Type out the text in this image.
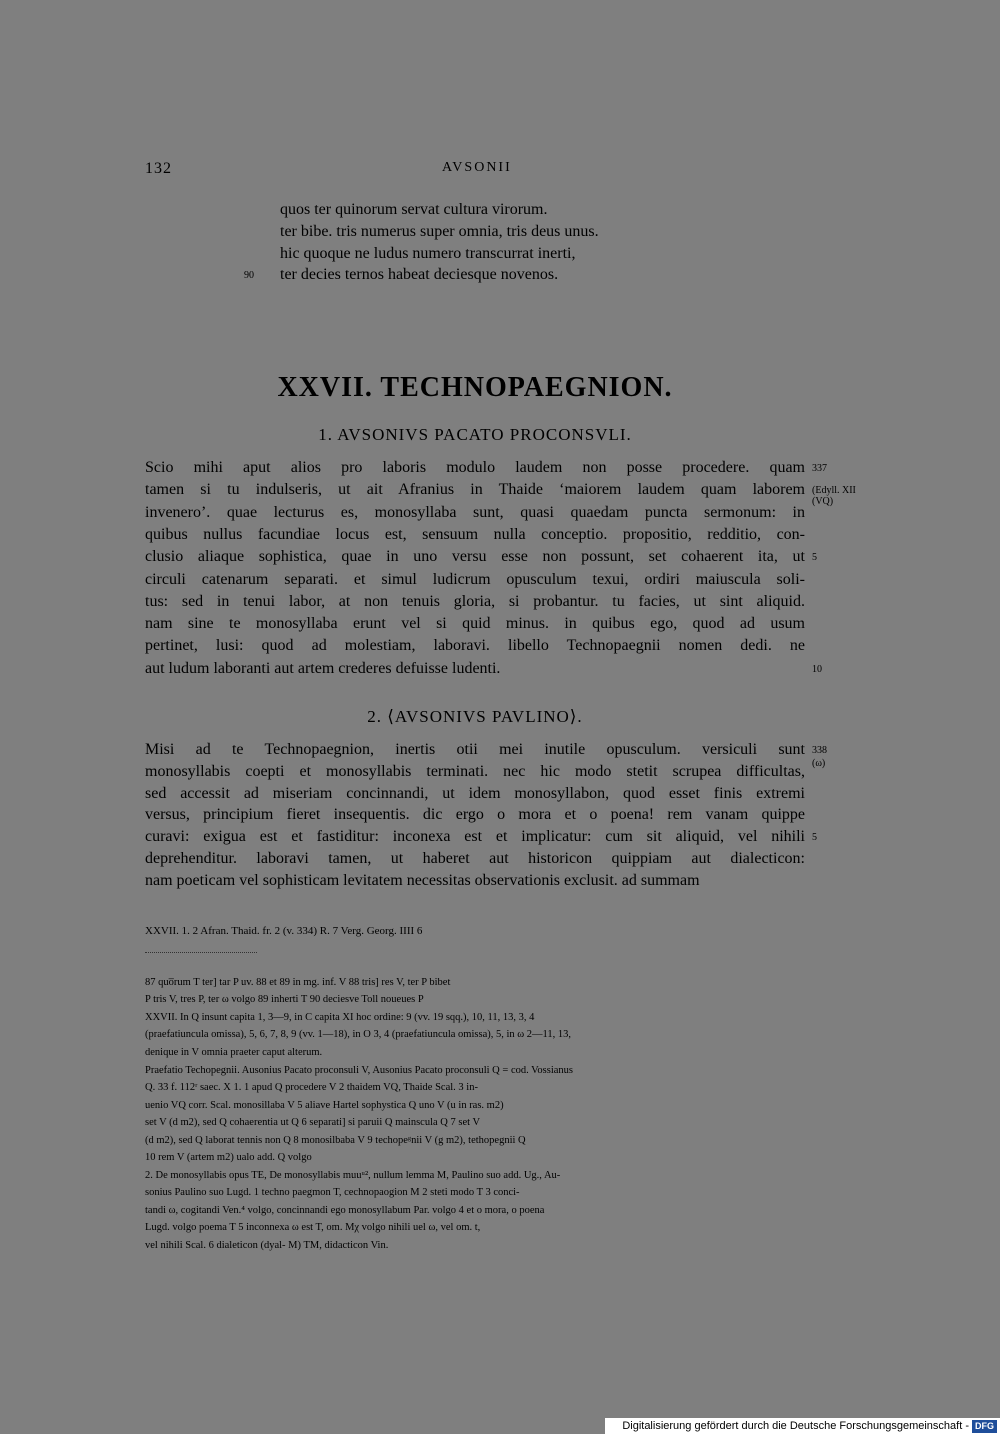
132	AVSONII
quos ter quinorum servat cultura virorum.
ter bibe. tris numerus super omnia, tris deus unus.
hic quoque ne ludus numero transcurrat inerti,
ter decies ternos habeat deciesque novenos.
90
XXVII. TECHNOPAEGNION.
1. AVSONIVS PACATO PROCONSVLI.
Scio mihi aput alios pro laboris modulo laudem non posse procedere. quam
tamen si tu indulseris, ut ait Afranius in Thaide ‘maiorem laudem quam laborem
invenero’. quae lecturus es, monosyllaba sunt, quasi quaedam puncta sermonum: in
quibus nullus facundiae locus est, sensuum nulla conceptio. propositio, redditio, con-
clusio aliaque sophistica, quae in uno versu esse non possunt, set cohaerent ita, ut
circuli catenarum separati. et simul ludicrum opusculum texui, ordiri maiuscula soli-
tus: sed in tenui labor, at non tenuis gloria, si probantur. tu facies, ut sint aliquid.
nam sine te monosyllaba erunt vel si quid minus. in quibus ego, quod ad usum
pertinet, lusi: quod ad molestiam, laboravi. libello Technopaegnii nomen dedi. ne
aut ludum laboranti aut artem crederes defuisse ludenti.
337
(Edyll. XII
(VQ)
5
10
2. ⟨AVSONIVS PAVLINO⟩.
Misi ad te Technopaegnion, inertis otii mei inutile opusculum. versiculi sunt
monosyllabis coepti et monosyllabis terminati. nec hic modo stetit scrupea difficultas,
sed accessit ad miseriam concinnandi, ut idem monosyllabon, quod esset finis extremi
versus, principium fieret insequentis. dic ergo o mora et o poena! rem vanam quippe
curavi: exigua est et fastiditur: inconexa est et implicatur: cum sit aliquid, vel nihili
deprehenditur. laboravi tamen, ut haberet aut historicon quippiam aut dialecticon:
nam poeticam vel sophisticam levitatem necessitas observationis exclusit. ad summam
338
(ω)
5
XXVII. 1. 2 Afran. Thaid. fr. 2 (v. 334) R. 7 Verg. Georg. IIII 6
87 quo̅rum T ter] tar P uv. 88 et 89 in mg. inf. V 88 tris] res V, ter P bibet
P tris V, tres P, ter ω volgo 89 inherti T 90 deciesve Toll noueues P
XXVII. In Q insunt capita 1, 3—9, in C capita XI hoc ordine: 9 (vv. 19 sqq.), 10, 11, 13, 3, 4
(praefatiuncula omissa), 5, 6, 7, 8, 9 (vv. 1—18), in O 3, 4 (praefatiuncula omissa), 5, in ω 2—11, 13,
denique in V omnia praeter caput alterum.
Praefatio Techopegnii. Ausonius Pacato proconsuli V, Ausonius Pacato proconsuli Q = cod. Vossianus
Q. 33 f. 112ʳ saec. X 1. 1 apud Q procedere V 2 thaidem VQ, Thaide Scal. 3 in-
uenio VQ corr. Scal. monosillaba V 5 aliave Hartel sophystica Q uno V (u in ras. m2)
set V (d m2), sed Q cohaerentia ut Q 6 separati] si paruii Q mainscula Q 7 set V
(d m2), sed Q laborat tennis non Q 8 monosilbaba V 9 techopeᵍnii V (g m2), tethopegnii Q
10 rem V (artem m2) ualo add. Q volgo
2. De monosyllabis opus TE, De monosyllabis muuᵘ², nullum lemma M, Paulino suo add. Ug., Au-
sonius Paulino suo Lugd. 1 techno paegmon T, cechnopaogion M 2 steti modo T 3 conci-
tandi ω, cogitandi Ven.⁴ volgo, concinnandi ego monosyllabum Par. volgo 4 et o mora, o poena
Lugd. volgo poema T 5 inconnexa ω est T, om. Mχ volgo nihili uel ω, vel om. t,
vel nihili Scal. 6 dialeticon (dyal- M) TM, didacticon Vin.
Digitalisierung gefördert durch die Deutsche Forschungsgemeinschaft - DFG
